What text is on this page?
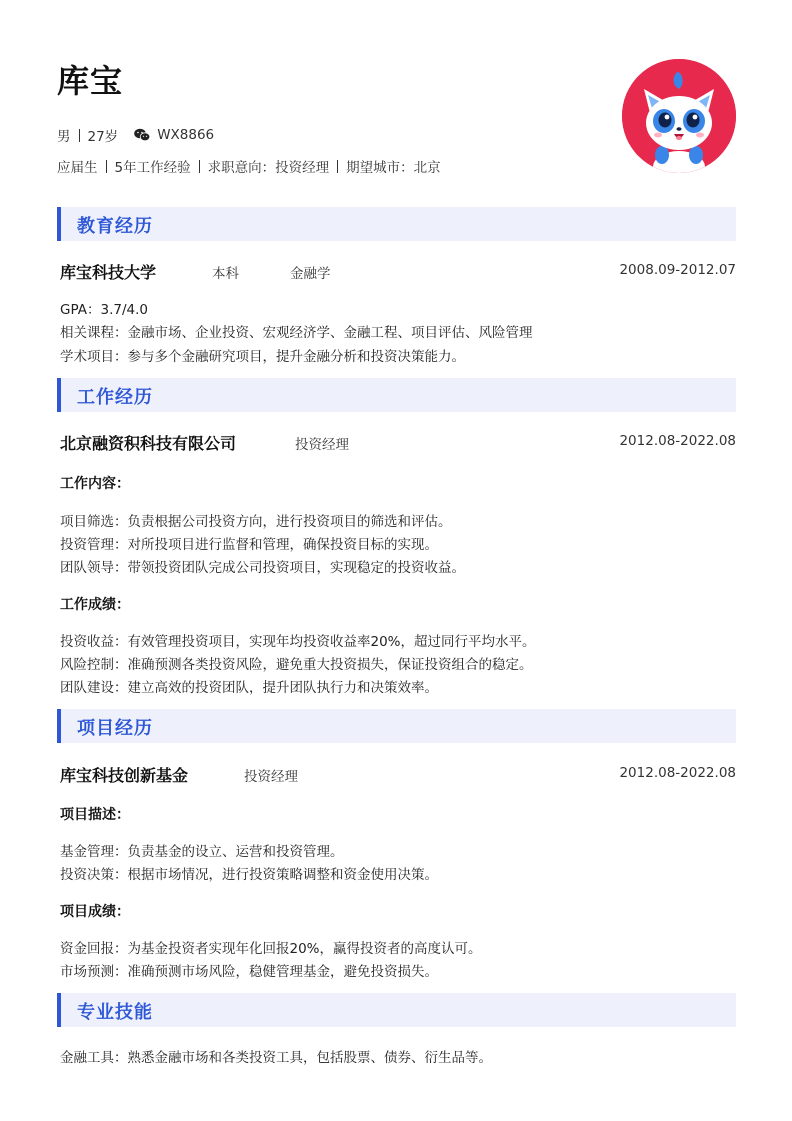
库宝
男 27岁	WX8866
应届生 5年工作经验 求职意向：投资经理 期望城市：北京
教育经历
库宝科技大学	本科	金融学	2008.09-2012.07
GPA：3.7/4.0
相关课程：金融市场、企业投资、宏观经济学、金融工程、项目评估、风险管理
学术项目：参与多个金融研究项目，提升金融分析和投资决策能力。
工作经历
北京融资积科技有限公司	投资经理	2012.08-2022.08
工作内容：
项目筛选：负责根据公司投资方向，进行投资项目的筛选和评估。
投资管理：对所投项目进行监督和管理，确保投资目标的实现。
团队领导：带领投资团队完成公司投资项目，实现稳定的投资收益。
工作成绩：
投资收益：有效管理投资项目，实现年均投资收益率20%，超过同行平均水平。
风险控制：准确预测各类投资风险，避免重大投资损失，保证投资组合的稳定。
团队建设：建立高效的投资团队，提升团队执行力和决策效率。
项目经历
库宝科技创新基金	投资经理	2012.08-2022.08
项目描述：
基金管理：负责基金的设立、运营和投资管理。
投资决策：根据市场情况，进行投资策略调整和资金使用决策。
项目成绩：
资金回报：为基金投资者实现年化回报20%，赢得投资者的高度认可。
市场预测：准确预测市场风险，稳健管理基金，避免投资损失。
专业技能
金融工具：熟悉金融市场和各类投资工具，包括股票、债券、衍生品等。
